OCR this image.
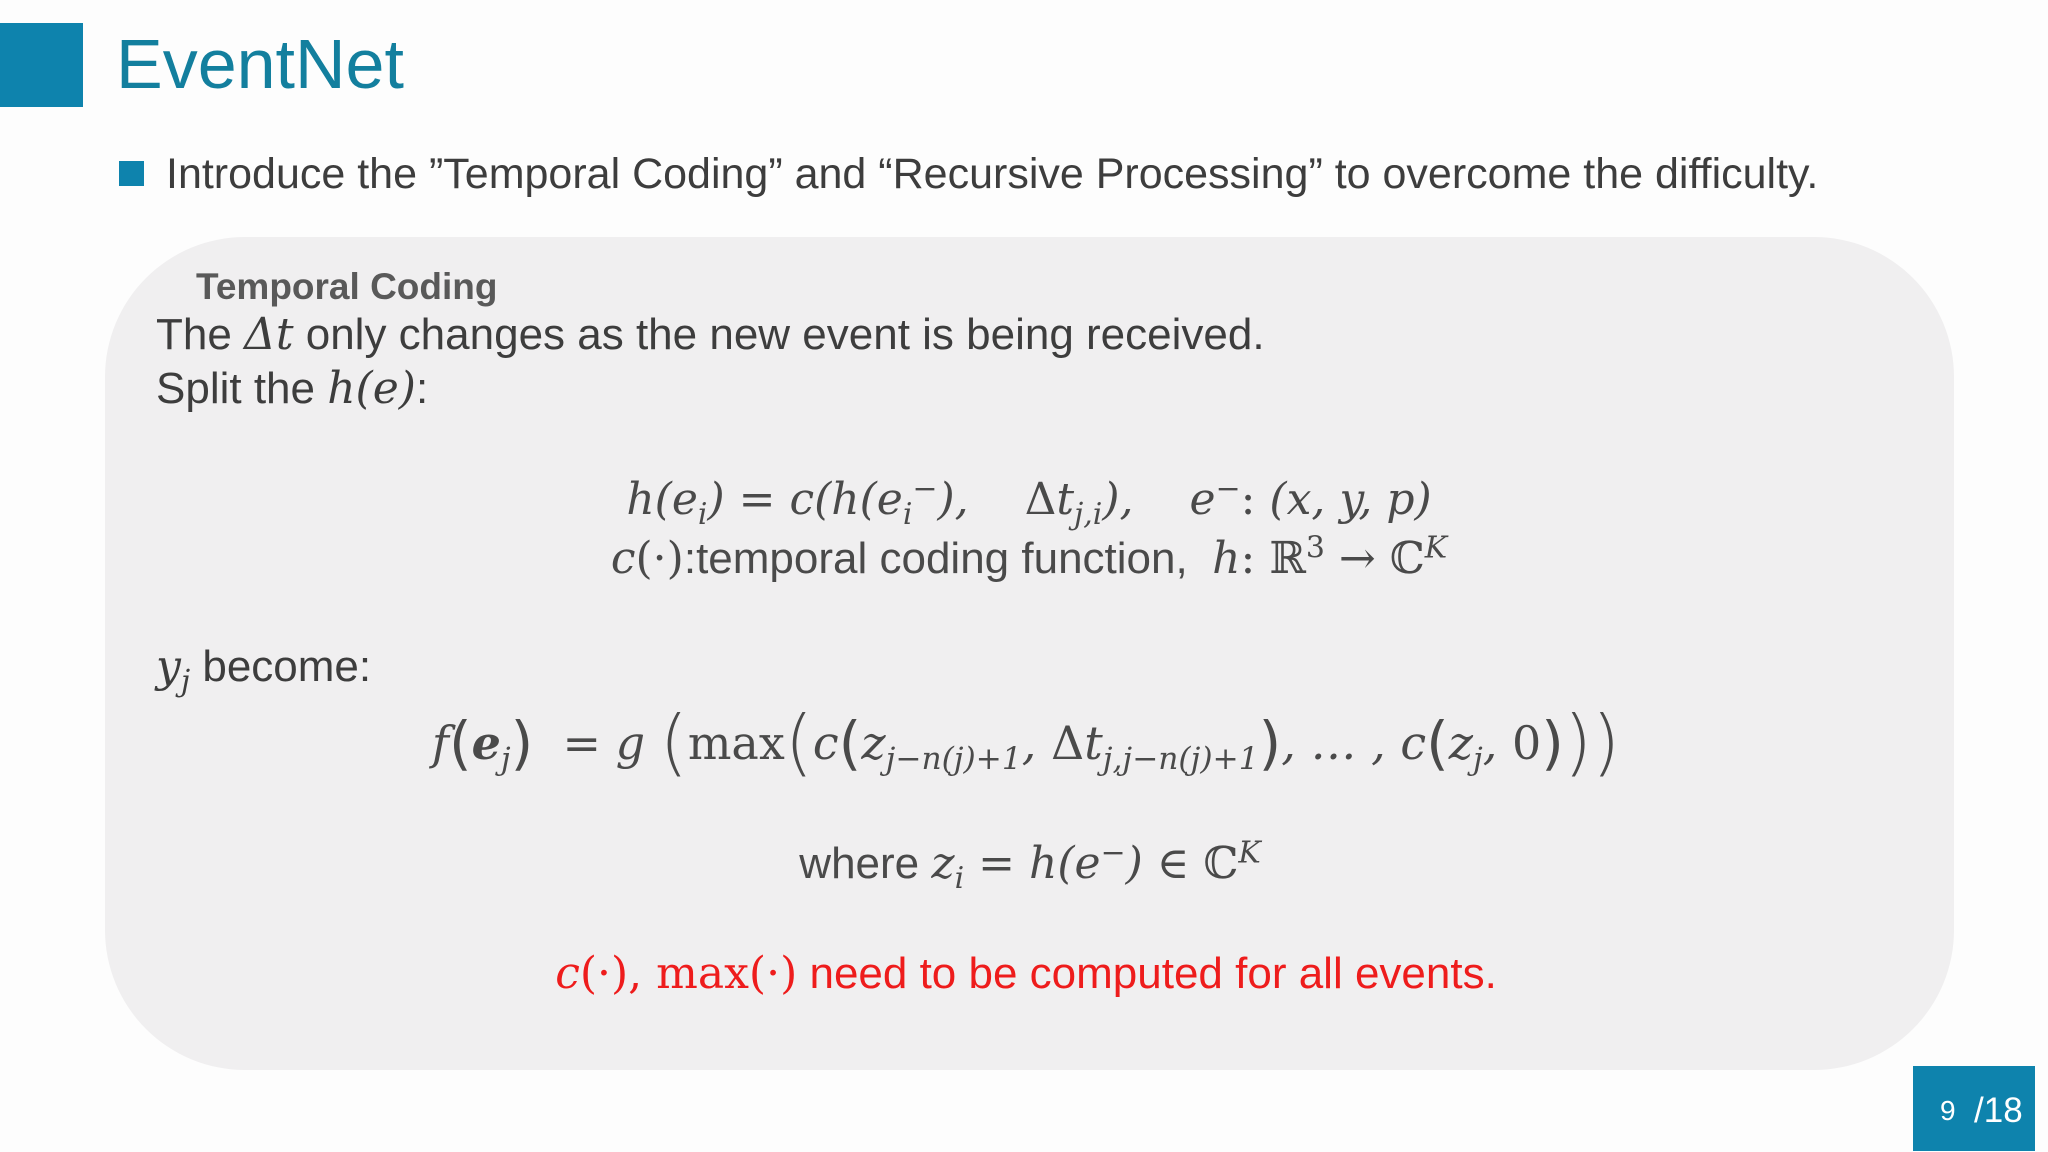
EventNet
Introduce the ”Temporal Coding” and “Recursive Processing” to overcome the difficulty.
Temporal Coding
The Δt only changes as the new event is being received.
Split the h(e):
$h(e_i) = c(h(e_i^-)$,    $\Delta t_{j,i}$),    e−: (x, y, p)
c(·):temporal coding function, h: ℝ$^3$ → ℂ$^K$
$y_j$ become:
$f(e_j) = g$ ($\max(c(z_{j-n(j)+1}$, $\Delta t_{j,j-n(j)+1}$), … , $c(z_j$, 0)))
where $z_i = h(e^-)$ ∈ ℂ$^K$
c(·), max(·) need to be computed for all events.
9 /18
